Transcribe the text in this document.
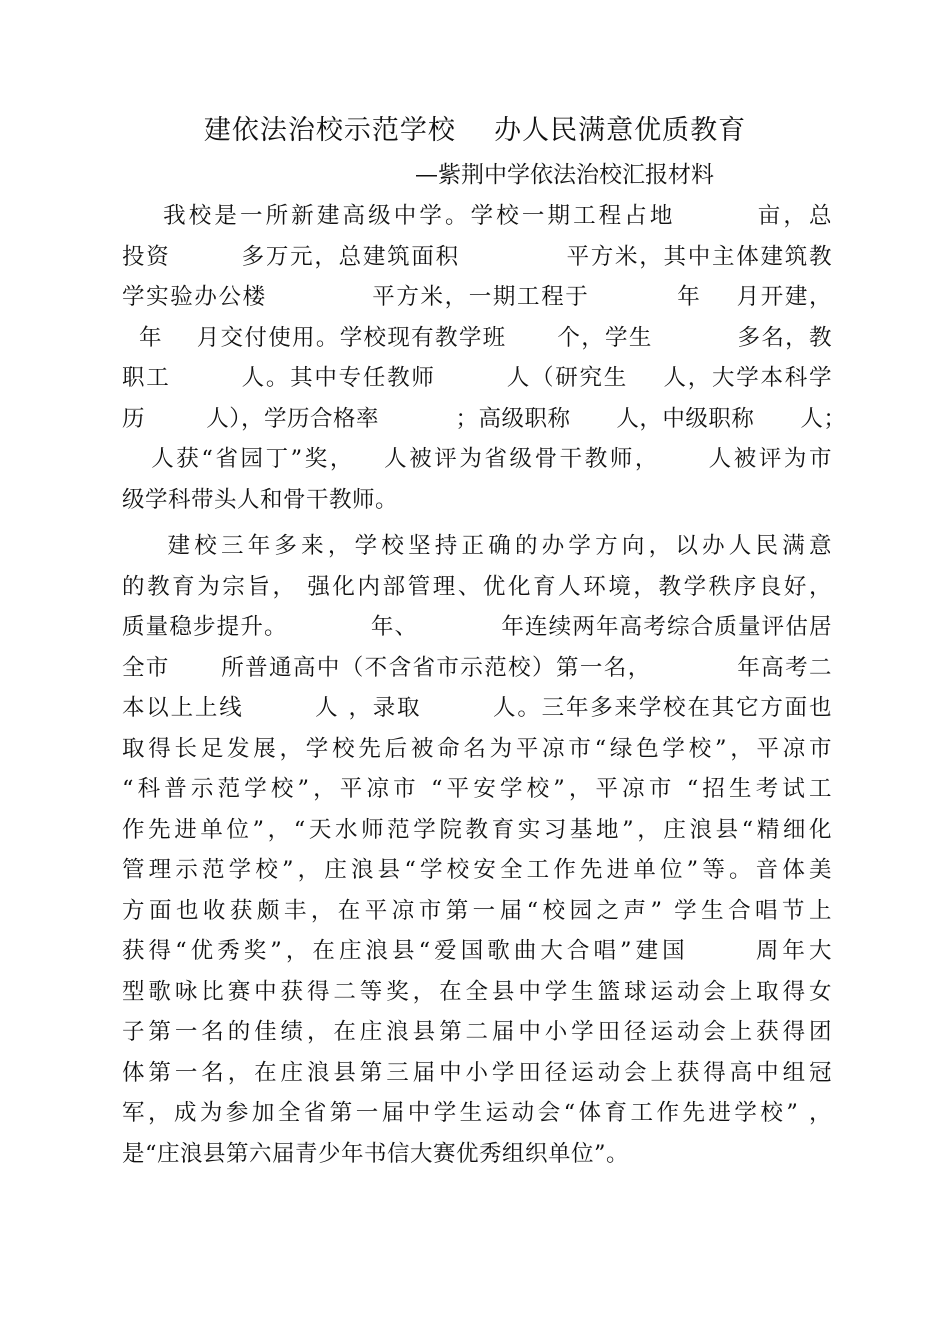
建依法治校示范学校    办人民满意优质教育
—紫荆中学依法治校汇报材料
我校是一所新建高级中学。学校一期工程占地        亩，总
投资        多万元，总建筑面积            平方米，其中主体建筑教
学实验办公楼            平方米，一期工程于          年    月开建，
年    月交付使用。学校现有教学班      个，学生          多名，教
职工        人。其中专任教师        人（研究生    人，大学本科学
历        人），学历合格率          ；高级职称      人，中级职称      人；
人获“省园丁”奖，   人被评为省级骨干教师，     人被评为市
级学科带头人和骨干教师。
建校三年多来，学校坚持正确的办学方向，以办人民满意
的教育为宗旨， 强化内部管理、优化育人环境，教学秩序良好，
质量稳步提升。          年、          年连续两年高考综合质量评估居
全市      所普通高中（不含省市示范校）第一名，          年高考二
本以上上线        人 ，录取        人。三年多来学校在其它方面也
取得长足发展，学校先后被命名为平凉市“绿色学校”，平凉市
“科普示范学校”，平凉市 “平安学校”，平凉市 “招生考试工
作先进单位”，“天水师范学院教育实习基地”，庄浪县“精细化
管理示范学校”，庄浪县“学校安全工作先进单位”等。音体美
方面也收获颇丰，在平凉市第一届“校园之声” 学生合唱节上
获得“优秀奖”，在庄浪县“爱国歌曲大合唱”建国      周年大
型歌咏比赛中获得二等奖，在全县中学生篮球运动会上取得女
子第一名的佳绩，在庄浪县第二届中小学田径运动会上获得团
体第一名，在庄浪县第三届中小学田径运动会上获得高中组冠
军，成为参加全省第一届中学生运动会“体育工作先进学校” ，
是“庄浪县第六届青少年书信大赛优秀组织单位”。
